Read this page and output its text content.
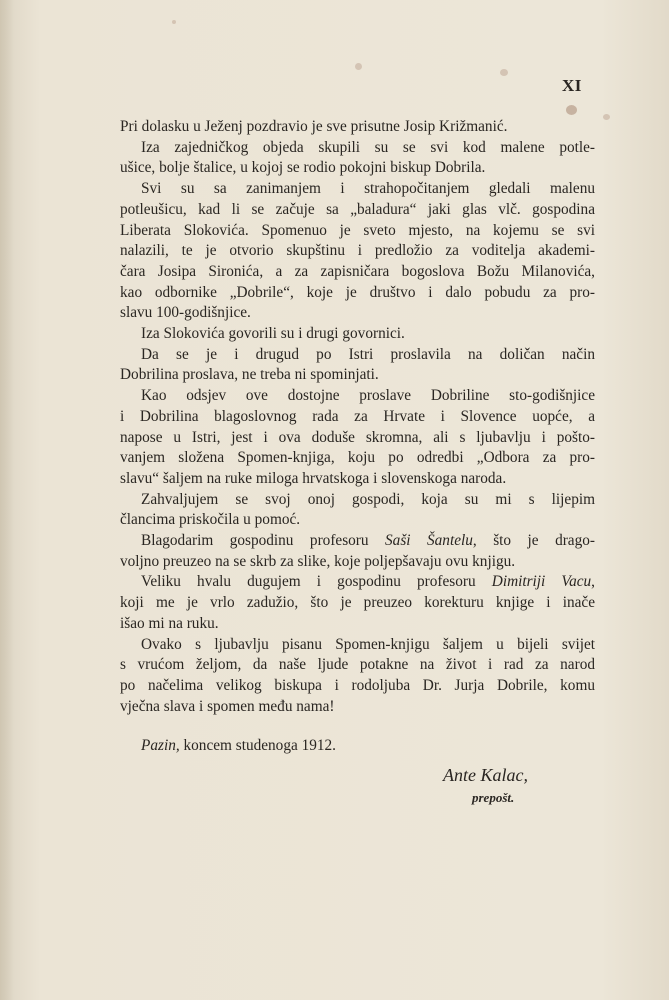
XI
Pri dolasku u Ježenj pozdravio je sve prisutne Josip Križmanić.
Iza zajedničkog objeda skupili su se svi kod malene potle-
ušice, bolje štalice, u kojoj se rodio pokojni biskup Dobrila.
Svi su sa zanimanjem i strahopočitanjem gledali malenu
potleušicu, kad li se začuje sa „baladura“ jaki glas vlč. gospodina
Liberata Slokovića. Spomenuo je sveto mjesto, na kojemu se svi
nalazili, te je otvorio skupštinu i predložio za voditelja akademi-
čara Josipa Sironića, a za zapisničara bogoslova Božu Milanovića,
kao odbornike „Dobrile“, koje je društvo i dalo pobudu za pro-
slavu 100-godišnjice.
Iza Slokovića govorili su i drugi govornici.
Da se je i drugud po Istri proslavila na doličan način
Dobrilina proslava, ne treba ni spominjati.
Kao odsjev ove dostojne proslave Dobriline sto-godišnjice
i Dobrilina blagoslovnog rada za Hrvate i Slovence uopće, a
napose u Istri, jest i ova doduše skromna, ali s ljubavlju i pošto-
vanjem složena Spomen-knjiga, koju po odredbi „Odbora za pro-
slavu“ šaljem na ruke miloga hrvatskoga i slovenskoga naroda.
Zahvaljujem se svoj onoj gospodi, koja su mi s lijepim
člancima priskočila u pomoć.
Blagodarim gospodinu profesoru Saši Šantelu, što je drago-
voljno preuzeo na se skrb za slike, koje poljepšavaju ovu knjigu.
Veliku hvalu dugujem i gospodinu profesoru Dimitriji Vacu,
koji me je vrlo zadužio, što je preuzeo korekturu knjige i inače
išao mi na ruku.
Ovako s ljubavlju pisanu Spomen-knjigu šaljem u bijeli svijet
s vrućom željom, da naše ljude potakne na život i rad za narod
po načelima velikog biskupa i rodoljuba Dr. Jurja Dobrile, komu
vječna slava i spomen među nama!
Pazin, koncem studenoga 1912.
Ante Kalac,
prepošt.
